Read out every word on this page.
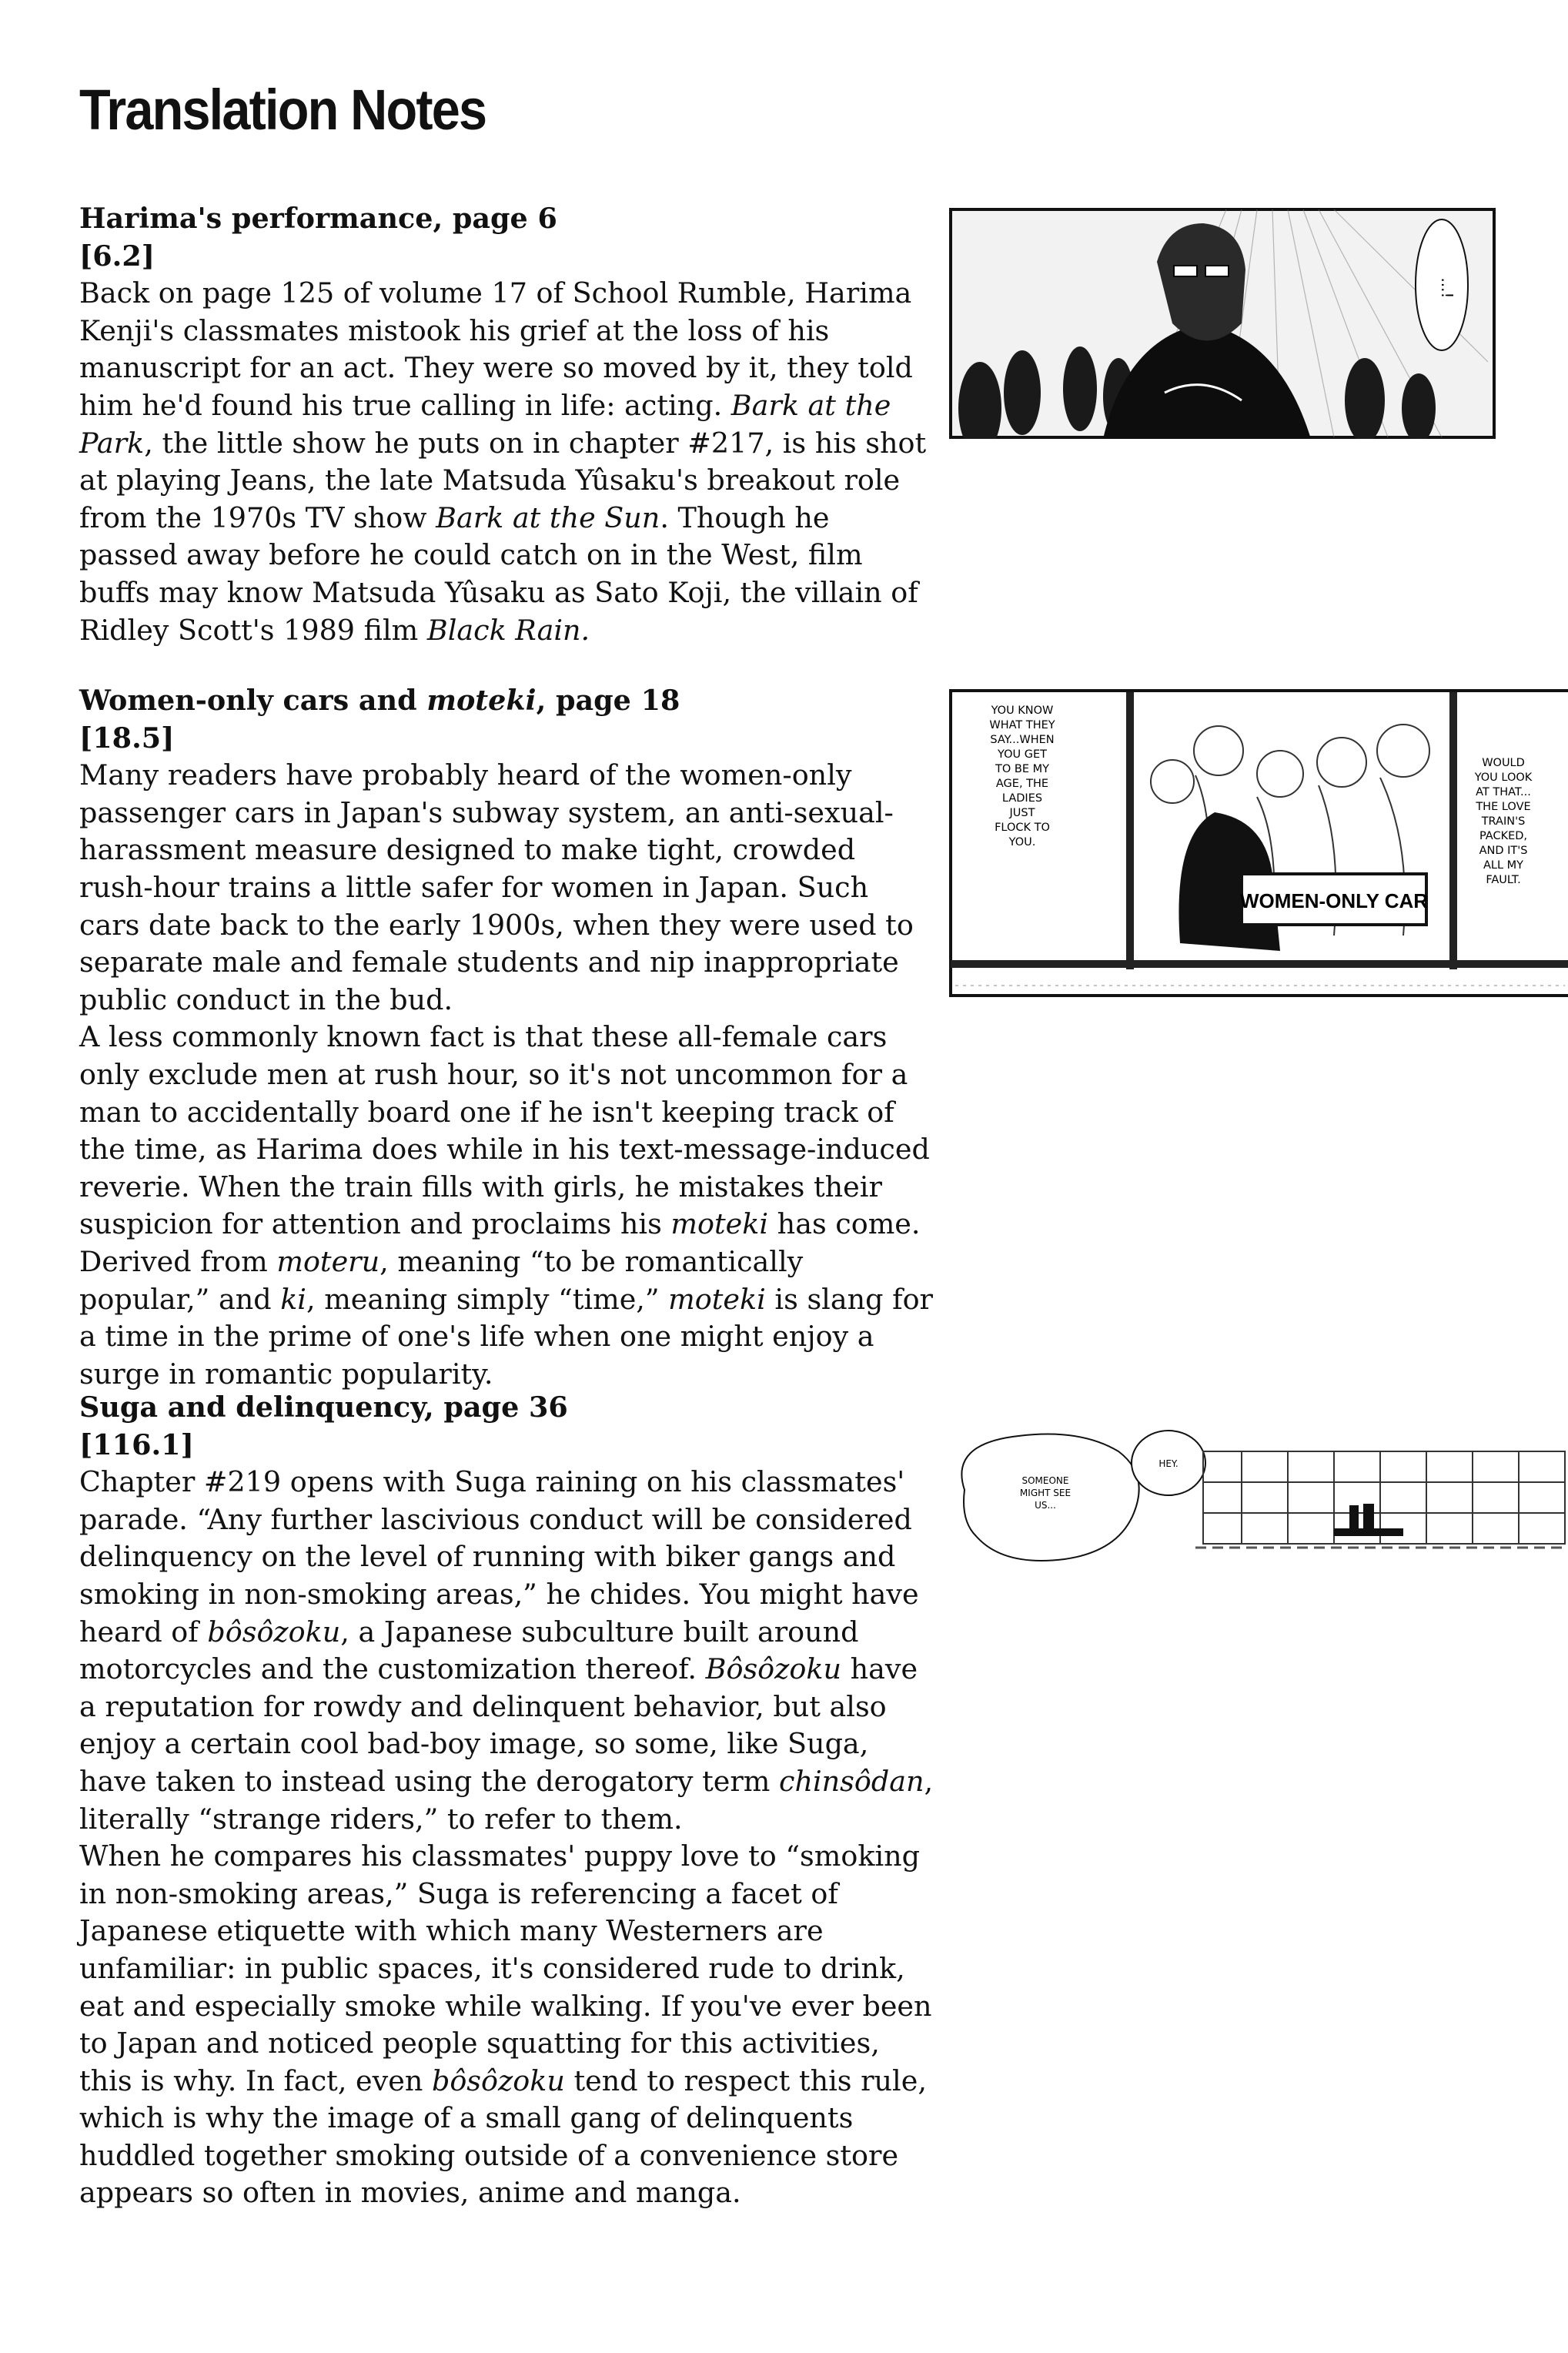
Translation Notes
Harima's performance, page 6
[6.2]

Back on page 125 of volume 17 of School Rumble, Harima Kenji's classmates mistook his grief at the loss of his manuscript for an act. They were so moved by it, they told him he'd found his true calling in life: acting. Bark at the Park, the little show he puts on in chapter #217, is his shot at playing Jeans, the late Matsuda Yûsaku's breakout role from the 1970s TV show Bark at the Sun. Though he passed away before he could catch on in the West, film buffs may know Matsuda Yûsaku as Sato Koji, the villain of Ridley Scott's 1989 film Black Rain.

Women-only cars and moteki, page 18
[18.5]

Many readers have probably heard of the women-only passenger cars in Japan's subway system, an anti-sexual-harassment measure designed to make tight, crowded rush-hour trains a little safer for women in Japan. Such cars date back to the early 1900s, when they were used to separate male and female students and nip inappropriate public conduct in the bud.

A less commonly known fact is that these all-female cars only exclude men at rush hour, so it's not uncommon for a man to accidentally board one if he isn't keeping track of the time, as Harima does while in his text-message-induced reverie. When the train fills with girls, he mistakes their suspicion for attention and proclaims his moteki has come. Derived from moteru, meaning “to be romantically popular,” and ki, meaning simply “time,” moteki is slang for a time in the prime of one's life when one might enjoy a surge in romantic popularity.

Suga and delinquency, page 36
[116.1]

Chapter #219 opens with Suga raining on his classmates' parade. “Any further lascivious conduct will be considered delinquency on the level of running with biker gangs and smoking in non-smoking areas,” he chides. You might have heard of bôsôzoku, a Japanese subculture built around motorcycles and the customization thereof. Bôsôzoku have a reputation for rowdy and delinquent behavior, but also enjoy a certain cool bad-boy image, so some, like Suga, have taken to instead using the derogatory term chinsôdan, literally “strange riders,” to refer to them.

When he compares his classmates' puppy love to “smoking in non-smoking areas,” Suga is referencing a facet of Japanese etiquette with which many Westerners are unfamiliar: in public spaces, it's considered rude to drink, eat and especially smoke while walking. If you've ever been to Japan and noticed people squatting for this activities, this is why. In fact, even bôsôzoku tend to respect this rule, which is why the image of a small gang of delinquents huddled together smoking outside of a convenience store appears so often in movies, anime and manga.

...!
WOMEN-ONLY CAR
YOU KNOW WHAT THEY SAY...WHEN YOU GET TO BE MY AGE, THE LADIES JUST FLOCK TO YOU.
WOULD YOU LOOK AT THAT... THE LOVE TRAIN'S PACKED, AND IT'S ALL MY FAULT.
SOMEONE MIGHT SEE US...
HEY.
